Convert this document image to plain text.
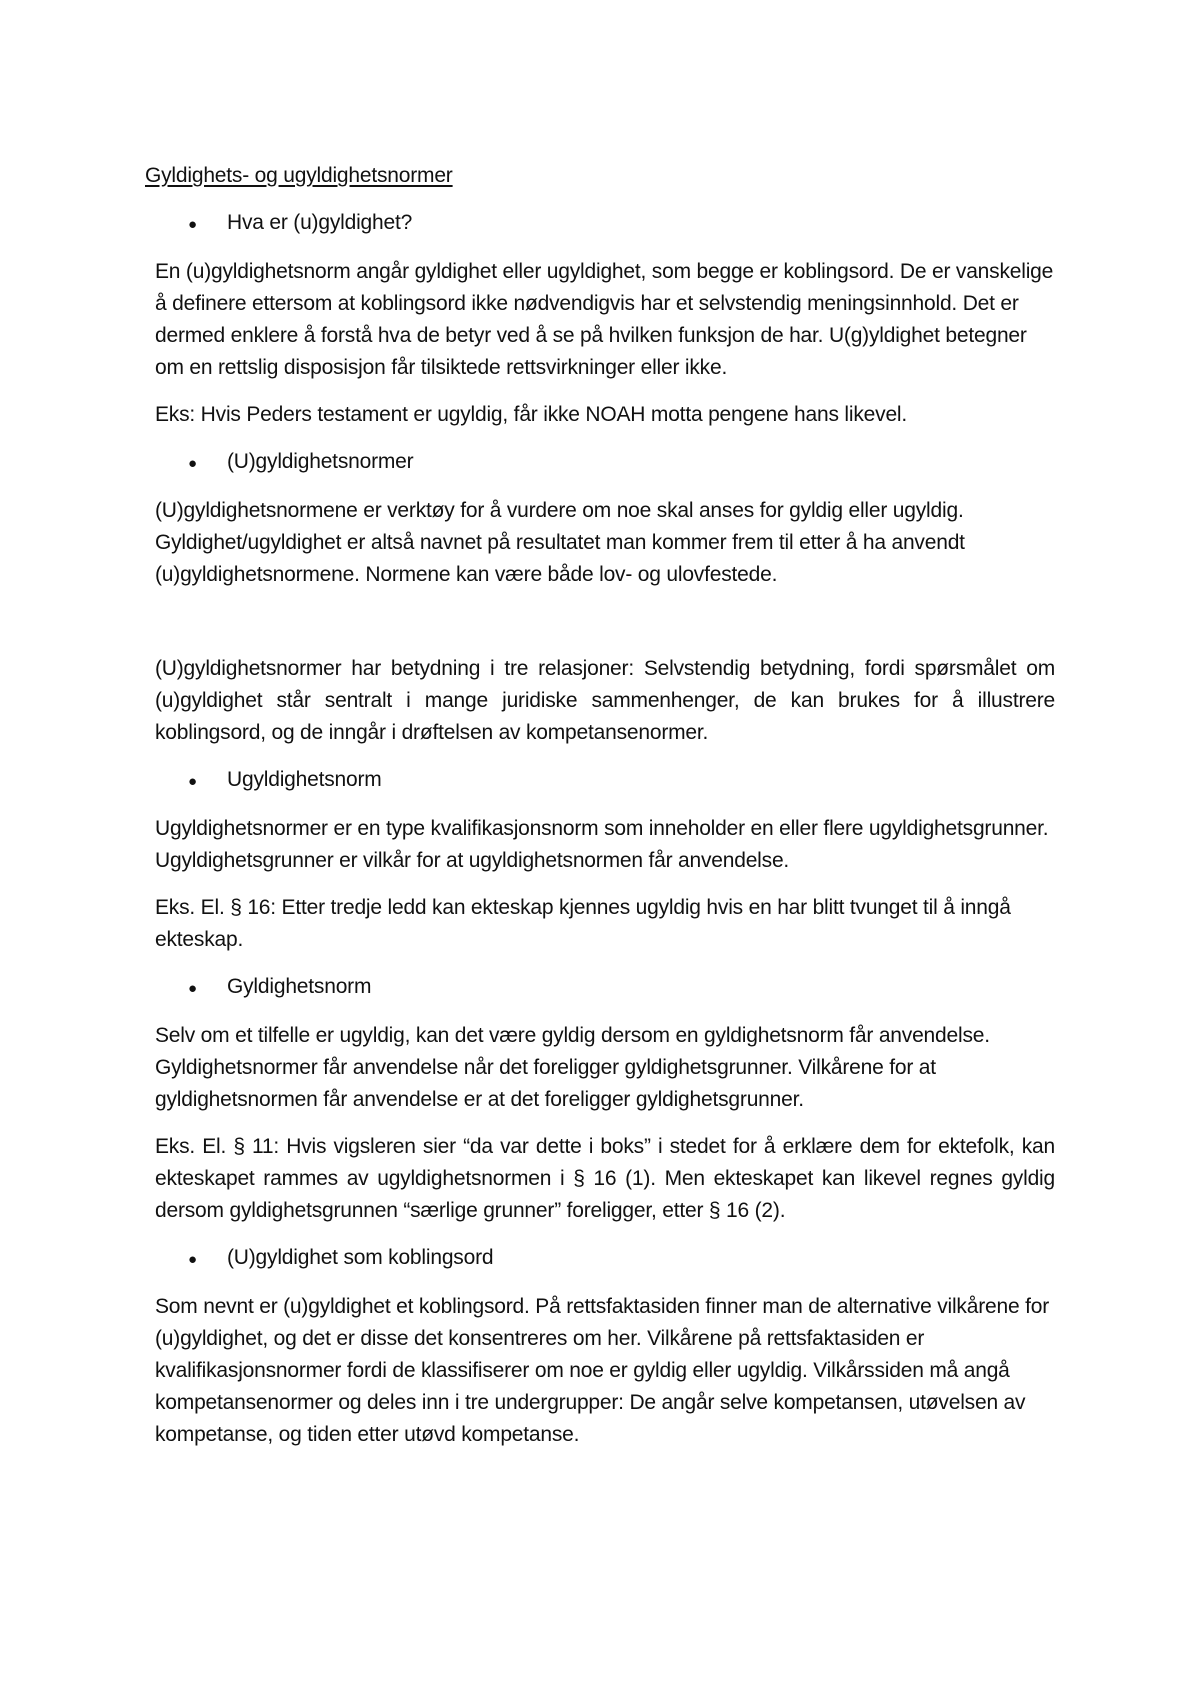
Gyldighets- og ugyldighetsnormer
●	Hva er (u)gyldighet?

En (u)gyldighetsnorm angår gyldighet eller ugyldighet, som begge er koblingsord. De er vanskelige å definere ettersom at koblingsord ikke nødvendigvis har et selvstendig meningsinnhold. Det er dermed enklere å forstå hva de betyr ved å se på hvilken funksjon de har. U(g)yldighet betegner om en rettslig disposisjon får tilsiktede rettsvirkninger eller ikke.

Eks: Hvis Peders testament er ugyldig, får ikke NOAH motta pengene hans likevel.

●	(U)gyldighetsnormer

(U)gyldighetsnormene er verktøy for å vurdere om noe skal anses for gyldig eller ugyldig. Gyldighet/ugyldighet er altså navnet på resultatet man kommer frem til etter å ha anvendt (u)gyldighetsnormene. Normene kan være både lov- og ulovfestede.

(U)gyldighetsnormer har betydning i tre relasjoner: Selvstendig betydning, fordi spørsmålet om (u)gyldighet står sentralt i mange juridiske sammenhenger, de kan brukes for å illustrere koblingsord, og de inngår i drøftelsen av kompetansenormer.

●	Ugyldighetsnorm

Ugyldighetsnormer er en type kvalifikasjonsnorm som inneholder en eller flere ugyldighetsgrunner. Ugyldighetsgrunner er vilkår for at ugyldighetsnormen får anvendelse.

Eks. El. § 16: Etter tredje ledd kan ekteskap kjennes ugyldig hvis en har blitt tvunget til å inngå ekteskap.

●	Gyldighetsnorm

Selv om et tilfelle er ugyldig, kan det være gyldig dersom en gyldighetsnorm får anvendelse. Gyldighetsnormer får anvendelse når det foreligger gyldighetsgrunner. Vilkårene for at gyldighetsnormen får anvendelse er at det foreligger gyldighetsgrunner.

Eks. El. § 11: Hvis vigsleren sier “da var dette i boks” i stedet for å erklære dem for ektefolk, kan ekteskapet rammes av ugyldighetsnormen i § 16 (1). Men ekteskapet kan likevel regnes gyldig dersom gyldighetsgrunnen “særlige grunner” foreligger, etter § 16 (2).

●	(U)gyldighet som koblingsord

Som nevnt er (u)gyldighet et koblingsord. På rettsfaktasiden finner man de alternative vilkårene for (u)gyldighet, og det er disse det konsentreres om her. Vilkårene på rettsfaktasiden er kvalifikasjonsnormer fordi de klassifiserer om noe er gyldig eller ugyldig. Vilkårssiden må angå kompetansenormer og deles inn i tre undergrupper: De angår selve kompetansen, utøvelsen av kompetanse, og tiden etter utøvd kompetanse.
